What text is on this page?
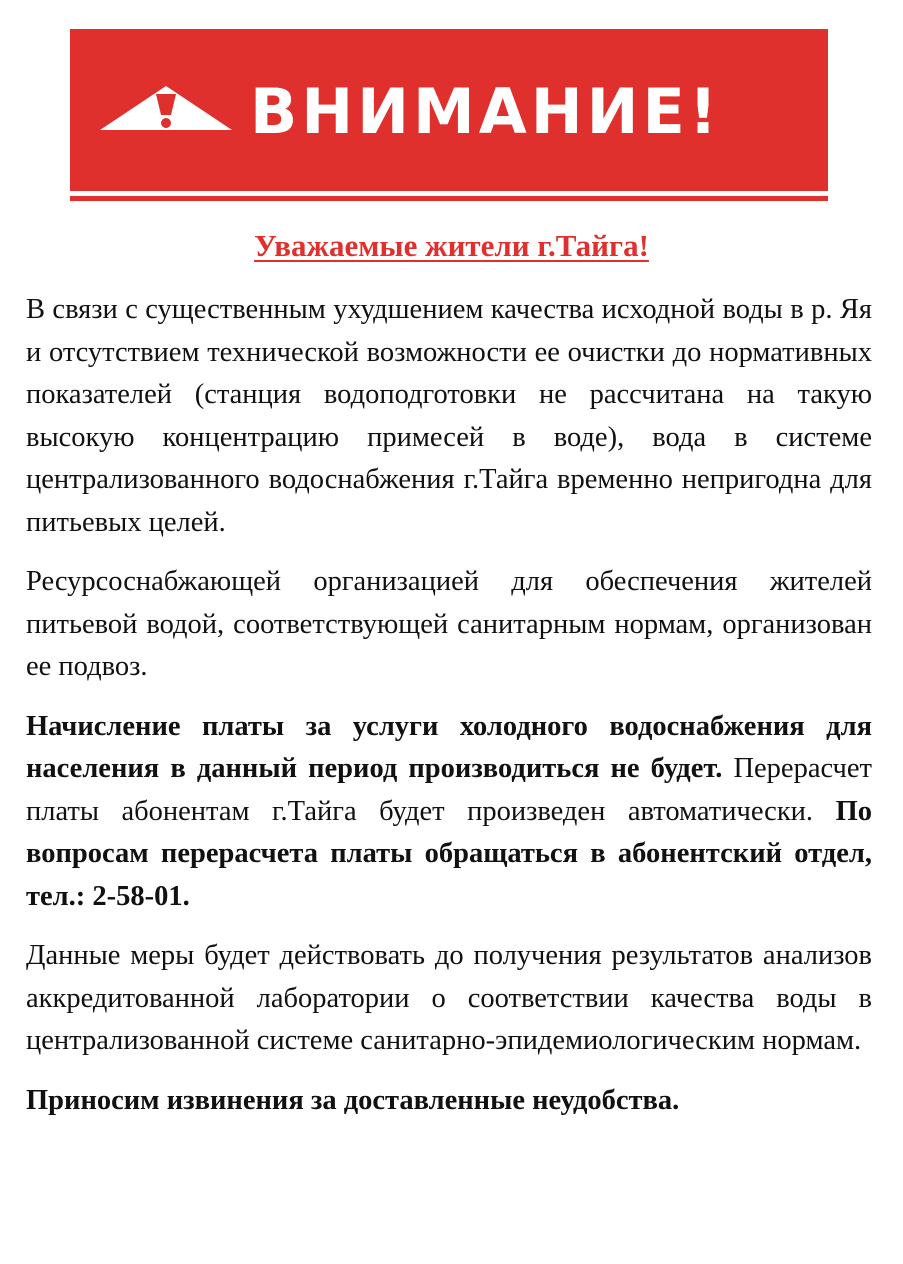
ВНИМАНИЕ!
Уважаемые жители г.Тайга!

В связи с существенным ухудшением качества исходной воды в р. Яя и отсутствием технической возможности ее очистки до нормативных показателей (станция водоподготовки не рассчитана на такую высокую концентрацию примесей в воде), вода в системе централизованного водоснабжения г.Тайга временно непригодна для питьевых целей.

Ресурсоснабжающей организацией для обеспечения жителей питьевой водой, соответствующей санитарным нормам, организован ее подвоз.

Начисление платы за услуги холодного водоснабжения для населения в данный период производиться не будет. Перерасчет платы абонентам г.Тайга будет произведен автоматически. По вопросам перерасчета платы обращаться в абонентский отдел, тел.: 2-58-01.

Данные меры будет действовать до получения результатов анализов аккредитованной лаборатории о соответствии качества воды в централизованной системе санитарно-эпидемиологическим нормам.

Приносим извинения за доставленные неудобства.
